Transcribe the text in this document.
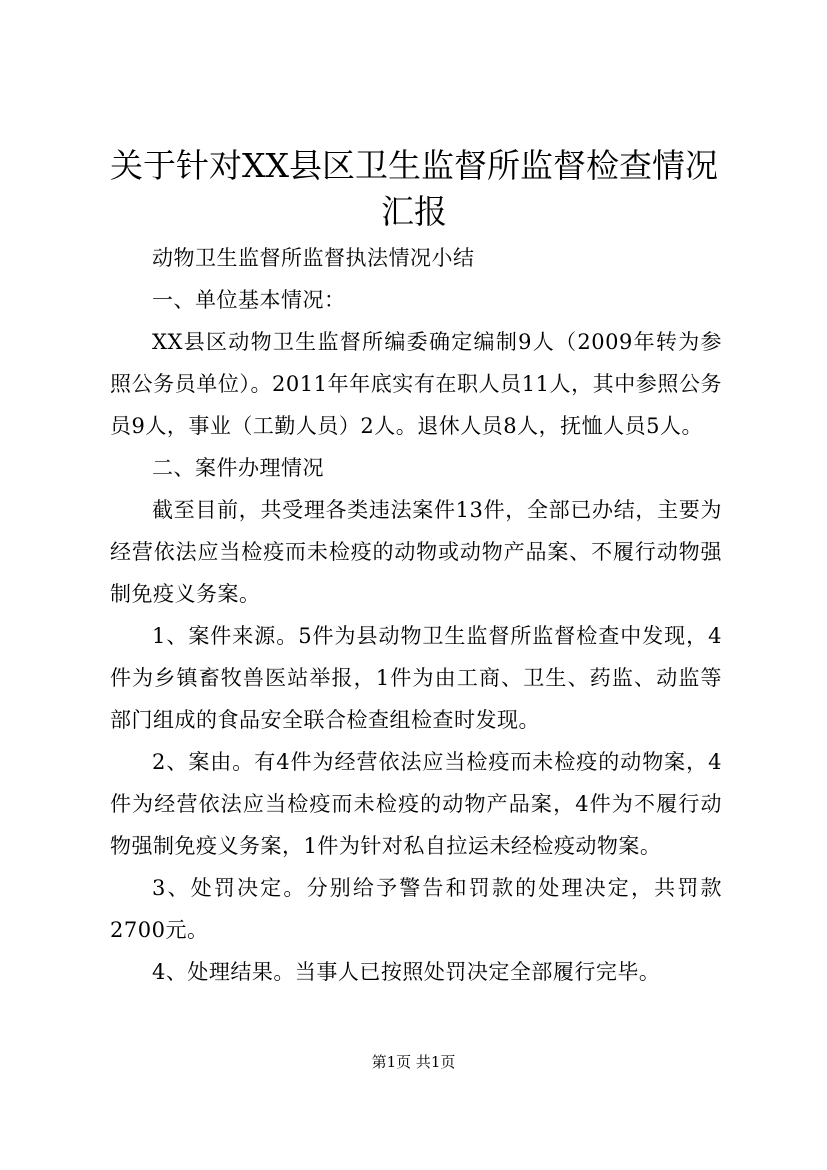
关于针对XX县区卫生监督所监督检查情况汇报

动物卫生监督所监督执法情况小结

一、单位基本情况：

XX县区动物卫生监督所编委确定编制9人（2009年转为参照公务员单位）。2011年年底实有在职人员11人，其中参照公务员9人，事业（工勤人员）2人。退休人员8人，抚恤人员5人。

二、案件办理情况

截至目前，共受理各类违法案件13件，全部已办结，主要为经营依法应当检疫而未检疫的动物或动物产品案、不履行动物强制免疫义务案。

1、案件来源。5件为县动物卫生监督所监督检查中发现，4件为乡镇畜牧兽医站举报，1件为由工商、卫生、药监、动监等部门组成的食品安全联合检查组检查时发现。

2、案由。有4件为经营依法应当检疫而未检疫的动物案，4件为经营依法应当检疫而未检疫的动物产品案，4件为不履行动物强制免疫义务案，1件为针对私自拉运未经检疫动物案。

3、处罚决定。分别给予警告和罚款的处理决定，共罚款2700元。

4、处理结果。当事人已按照处罚决定全部履行完毕。

第1页 共1页
